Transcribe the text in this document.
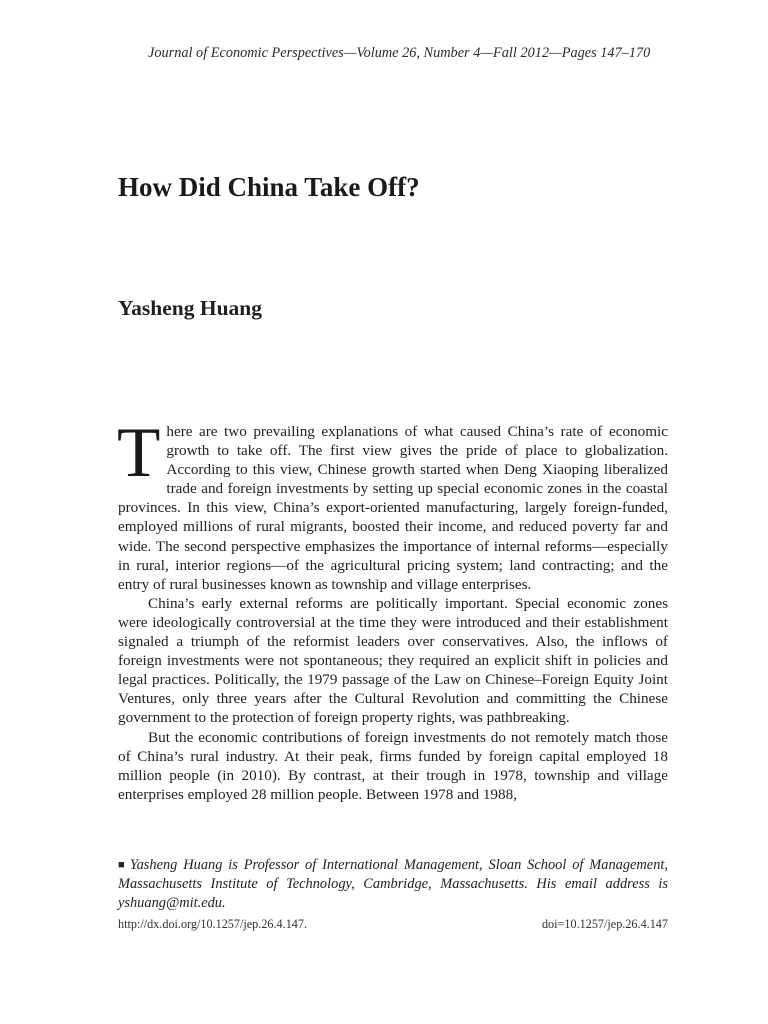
Journal of Economic Perspectives—Volume 26, Number 4—Fall 2012—Pages 147–170
How Did China Take Off?
Yasheng Huang

There are two prevailing explanations of what caused China’s rate of economic growth to take off. The first view gives the pride of place to globalization. According to this view, Chinese growth started when Deng Xiaoping liberalized trade and foreign investments by setting up special economic zones in the coastal provinces. In this view, China’s export-oriented manufacturing, largely foreign-funded, employed millions of rural migrants, boosted their income, and reduced poverty far and wide. The second perspective emphasizes the importance of internal reforms—especially in rural, interior regions—of the agricultural pricing system; land contracting; and the entry of rural businesses known as township and village enterprises.

China’s early external reforms are politically important. Special economic zones were ideologically controversial at the time they were introduced and their establishment signaled a triumph of the reformist leaders over conservatives. Also, the inflows of foreign investments were not spontaneous; they required an explicit shift in policies and legal practices. Politically, the 1979 passage of the Law on Chinese–Foreign Equity Joint Ventures, only three years after the Cultural Revolution and committing the Chinese government to the protection of foreign property rights, was pathbreaking.

But the economic contributions of foreign investments do not remotely match those of China’s rural industry. At their peak, firms funded by foreign capital employed 18 million people (in 2010). By contrast, at their trough in 1978, township and village enterprises employed 28 million people. Between 1978 and 1988,

■ Yasheng Huang is Professor of International Management, Sloan School of Management, Massachusetts Institute of Technology, Cambridge, Massachusetts. His email address is yshuang@mit.edu.
http://dx.doi.org/10.1257/jep.26.4.147.	doi=10.1257/jep.26.4.147
